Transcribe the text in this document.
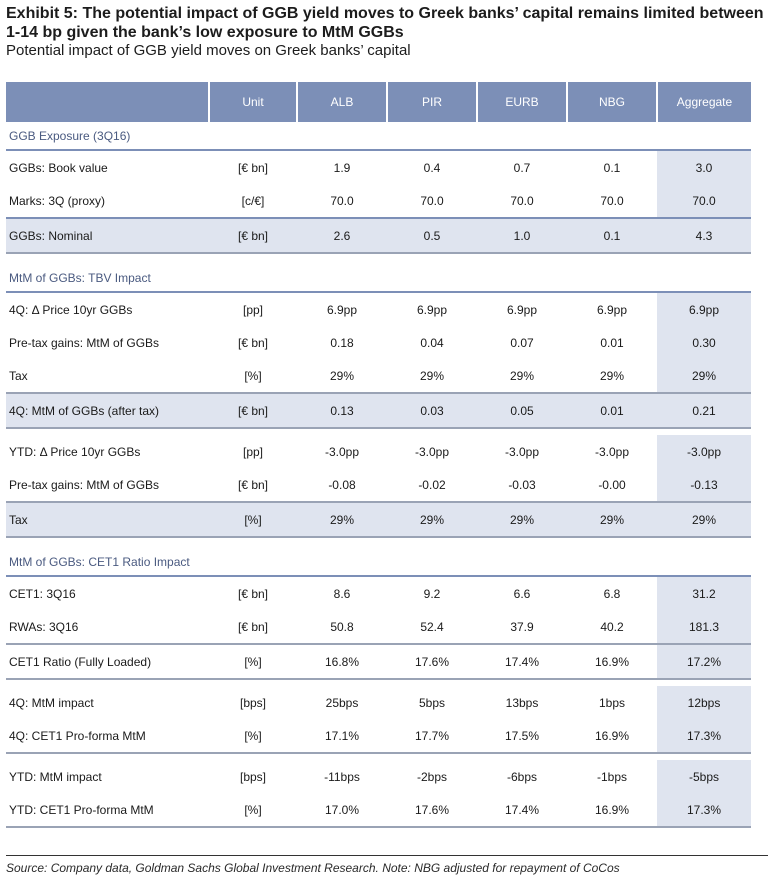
Exhibit 5: The potential impact of GGB yield moves to Greek banks’ capital remains limited between 1-14 bp given the bank’s low exposure to MtM GGBs
Potential impact of GGB yield moves on Greek banks’ capital
	Unit	ALB	PIR	EURB	NBG	Aggregate
GGB Exposure (3Q16)						
GGBs: Book value	[€ bn]	1.9	0.4	0.7	0.1	3.0
Marks: 3Q (proxy)	[c/€]	70.0	70.0	70.0	70.0	70.0
GGBs: Nominal	[€ bn]	2.6	0.5	1.0	0.1	4.3

MtM of GGBs: TBV Impact						
4Q: Δ Price 10yr GGBs	[pp]	6.9pp	6.9pp	6.9pp	6.9pp	6.9pp
Pre-tax gains: MtM of GGBs	[€ bn]	0.18	0.04	0.07	0.01	0.30
Tax	[%]	29%	29%	29%	29%	29%
4Q: MtM of GGBs (after tax)	[€ bn]	0.13	0.03	0.05	0.01	0.21

YTD: Δ Price 10yr GGBs	[pp]	-3.0pp	-3.0pp	-3.0pp	-3.0pp	-3.0pp
Pre-tax gains: MtM of GGBs	[€ bn]	-0.08	-0.02	-0.03	-0.00	-0.13
Tax	[%]	29%	29%	29%	29%	29%

MtM of GGBs: CET1 Ratio Impact						
CET1: 3Q16	[€ bn]	8.6	9.2	6.6	6.8	31.2
RWAs: 3Q16	[€ bn]	50.8	52.4	37.9	40.2	181.3
CET1 Ratio (Fully Loaded)	[%]	16.8%	17.6%	17.4%	16.9%	17.2%

4Q: MtM impact	[bps]	25bps	5bps	13bps	1bps	12bps
4Q: CET1 Pro-forma MtM	[%]	17.1%	17.7%	17.5%	16.9%	17.3%

YTD: MtM impact	[bps]	-11bps	-2bps	-6bps	-1bps	-5bps
YTD: CET1 Pro-forma MtM	[%]	17.0%	17.6%	17.4%	16.9%	17.3%
Source: Company data, Goldman Sachs Global Investment Research. Note: NBG adjusted for repayment of CoCos
